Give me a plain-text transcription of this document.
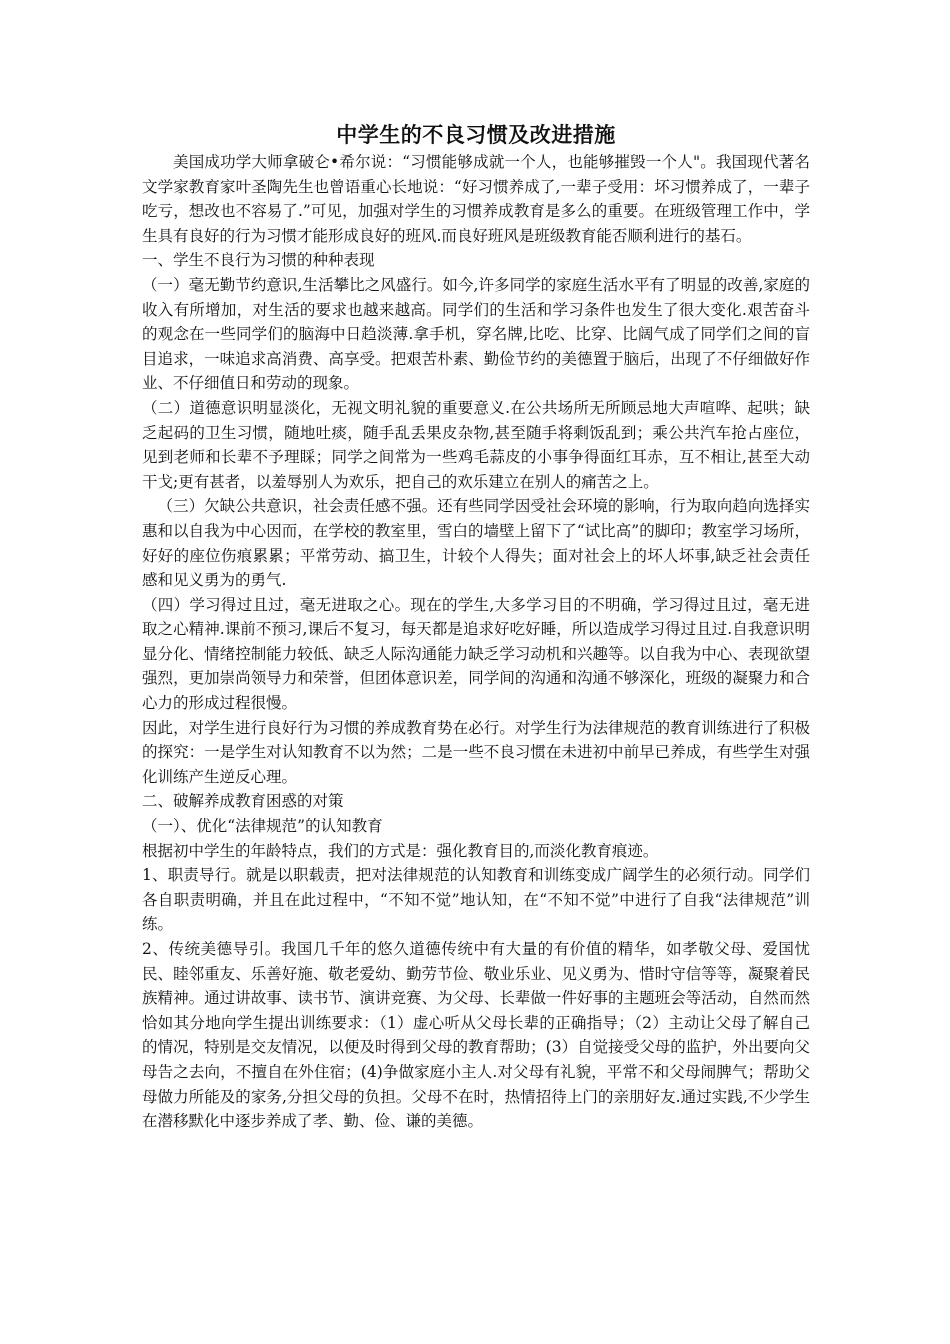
中学生的不良习惯及改进措施

美国成功学大师拿破仑•希尔说：“习惯能够成就一个人，也能够摧毁一个人"。我国现代著名文学家教育家叶圣陶先生也曾语重心长地说：“好习惯养成了,一辈子受用：坏习惯养成了，一辈子吃亏，想改也不容易了.”可见，加强对学生的习惯养成教育是多么的重要。在班级管理工作中，学生具有良好的行为习惯才能形成良好的班风.而良好班风是班级教育能否顺利进行的基石。

一、学生不良行为习惯的种种表现

（一）毫无勤节约意识,生活攀比之风盛行。如今,许多同学的家庭生活水平有了明显的改善,家庭的收入有所增加，对生活的要求也越来越高。同学们的生活和学习条件也发生了很大变化.艰苦奋斗的观念在一些同学们的脑海中日趋淡薄.拿手机，穿名牌,比吃、比穿、比阔气成了同学们之间的盲目追求，一味追求高消费、高享受。把艰苦朴素、勤俭节约的美德置于脑后，出现了不仔细做好作业、不仔细值日和劳动的现象。

（二）道德意识明显淡化，无视文明礼貌的重要意义.在公共场所无所顾忌地大声喧哗、起哄；缺乏起码的卫生习惯，随地吐痰，随手乱丢果皮杂物,甚至随手将剩饭乱到；乘公共汽车抢占座位，见到老师和长辈不予理睬；同学之间常为一些鸡毛蒜皮的小事争得面红耳赤，互不相让,甚至大动干戈;更有甚者，以羞辱别人为欢乐，把自己的欢乐建立在别人的痛苦之上。

（三）欠缺公共意识，社会责任感不强。还有些同学因受社会环境的影响，行为取向趋向选择实惠和以自我为中心因而，在学校的教室里，雪白的墙壁上留下了“试比高”的脚印；教室学习场所，好好的座位伤痕累累；平常劳动、搞卫生，计较个人得失；面对社会上的坏人坏事,缺乏社会责任感和见义勇为的勇气.

（四）学习得过且过，毫无进取之心。现在的学生,大多学习目的不明确，学习得过且过，毫无进取之心精神.课前不预习,课后不复习，每天都是追求好吃好睡，所以造成学习得过且过.自我意识明显分化、情绪控制能力较低、缺乏人际沟通能力缺乏学习动机和兴趣等。以自我为中心、表现欲望强烈，更加崇尚领导力和荣誉，但团体意识差，同学间的沟通和沟通不够深化，班级的凝聚力和合心力的形成过程很慢。

因此，对学生进行良好行为习惯的养成教育势在必行。对学生行为法律规范的教育训练进行了积极的探究：一是学生对认知教育不以为然；二是一些不良习惯在未进初中前早已养成，有些学生对强化训练产生逆反心理。

二、破解养成教育困惑的对策

（一）、优化“法律规范”的认知教育

根据初中学生的年龄特点，我们的方式是：强化教育目的,而淡化教育痕迹。

1、职责导行。就是以职载责，把对法律规范的认知教育和训练变成广阔学生的必须行动。同学们各自职责明确，并且在此过程中，“不知不觉”地认知，在“不知不觉”中进行了自我“法律规范”训练。

2、传统美德导引。我国几千年的悠久道德传统中有大量的有价值的精华，如孝敬父母、爱国忧民、睦邻重友、乐善好施、敬老爱幼、勤劳节俭、敬业乐业、见义勇为、惜时守信等等，凝聚着民族精神。通过讲故事、读书节、演讲竞赛、为父母、长辈做一件好事的主题班会等活动，自然而然恰如其分地向学生提出训练要求：（1）虚心听从父母长辈的正确指导；（2）主动让父母了解自己的情况，特别是交友情况，以便及时得到父母的教育帮助；(3）自觉接受父母的监护，外出要向父母告之去向，不擅自在外住宿；(4)争做家庭小主人.对父母有礼貌，平常不和父母闹脾气；帮助父母做力所能及的家务,分担父母的负担。父母不在时，热情招待上门的亲朋好友.通过实践,不少学生在潜移默化中逐步养成了孝、勤、俭、谦的美德。
